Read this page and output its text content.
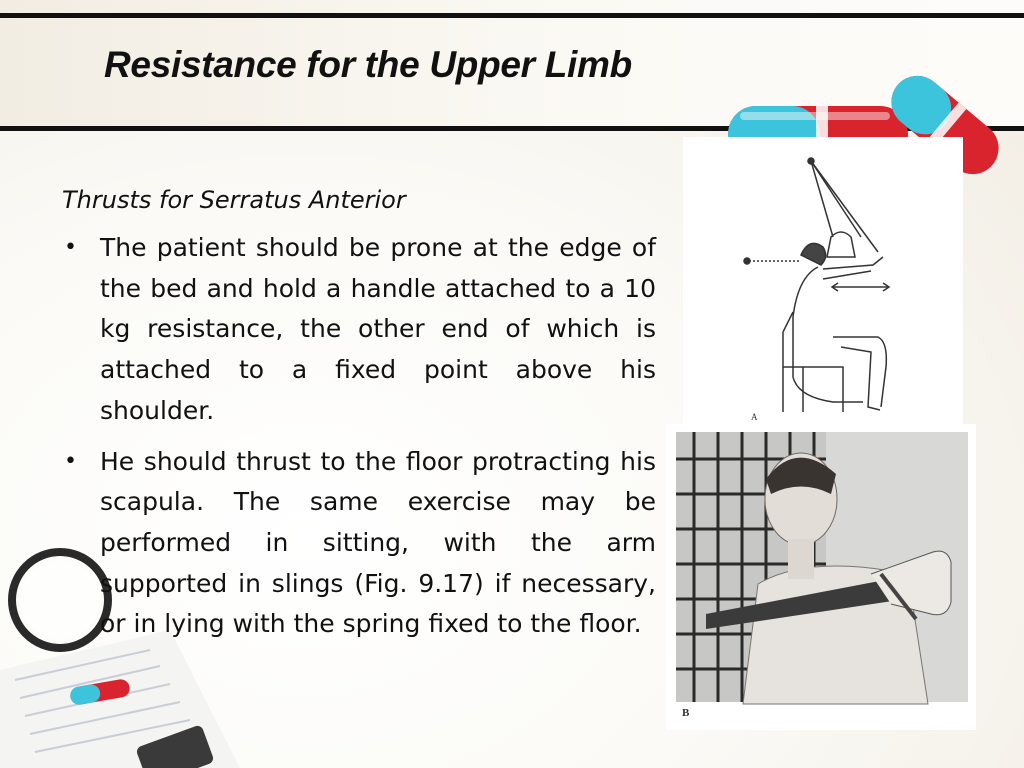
Resistance for the Upper Limb

Thrusts for Serratus Anterior

• The patient should be prone at the edge of the bed and hold a handle attached to a 10 kg resistance, the other end of which is attached to a fixed point above his shoulder.
• He should thrust to the floor protracting his scapula. The same exercise may be performed in sitting, with the arm supported in slings (Fig. 9.17) if necessary, or in lying with the spring fixed to the floor.
A
B
